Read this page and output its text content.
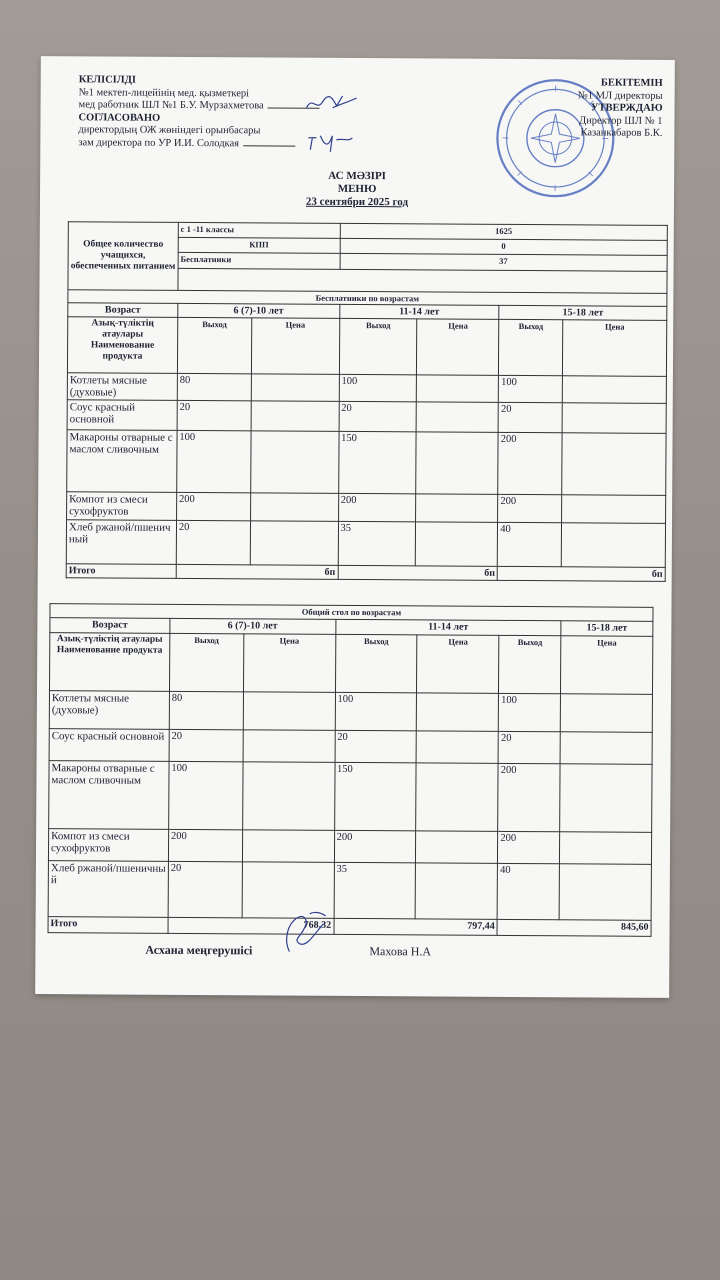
КЕЛІСІЛДІ
№1 мектеп-лицейінің мед. қызметкері
мед работник ШЛ №1 Б.У. Мурзахметова
СОГЛАСОВАНО
директордың ОЖ жөніндегі орынбасары
зам директора по УР И.И. Солодкая
БЕКІТЕМІН
№1 МЛ директоры
УТВЕРЖДАЮ
Директор ШЛ № 1
Казанкабаров Б.К.
АС МӘЗІРІ
МЕНЮ
23 сентябри 2025 год
Общее количество учащихся, обеспеченных питанием	с 1 -11 классы		1625			
	КПП		0			
	Бесплатники		37			

Бесплатники по возрастам						
Возраст	6 (7)-10 лет		11-14 лет		15-18 лет	
Азық-түліктің атаулары Наименование продукта	Выход	Цена	Выход	Цена	Выход	Цена
Котлеты мясные (духовые)	80		100		100	
Соус красный основной	20		20		20	
Макароны отварные с маслом сливочным	100		150		200	
Компот из смеси сухофруктов	200		200		200	
Хлеб ржаной/пшеничный	20		35		40	
Итого	бп		бп		бп	
Общий стол по возрастам						
Возраст	6 (7)-10 лет		11-14 лет			15-18 лет
Азық-түліктің атаулары Наименование продукта	Выход	Цена	Выход	Цена	Выход	Цена
Котлеты мясные (духовые)	80		100		100	
Соус красный основной	20		20		20	
Макароны отварные с маслом сливочным	100		150		200	
Компот из смеси сухофруктов	200		200		200	
Хлеб ржаной/пшеничный	20		35		40	
Итого	768,32		797,44		845,60	
Асхана меңгерушісі	Махова Н.А
